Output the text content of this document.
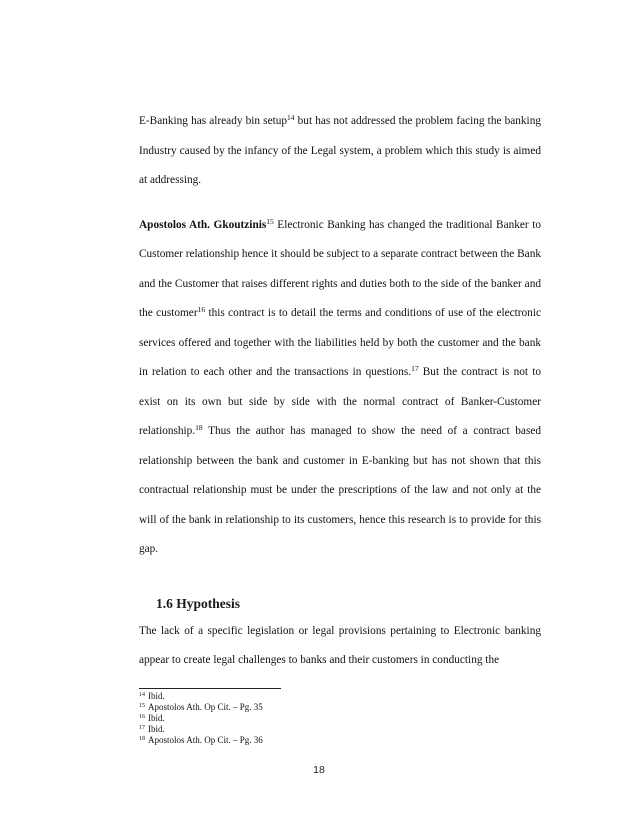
E-Banking has already bin setup$^{14}$ but has not addressed the problem facing the banking Industry caused by the infancy of the Legal system, a problem which this study is aimed at addressing.

Apostolos Ath. Gkoutzinis$^{15}$ Electronic Banking has changed the traditional Banker to Customer relationship hence it should be subject to a separate contract between the Bank and the Customer that raises different rights and duties both to the side of the banker and the customer$^{16}$ this contract is to detail the terms and conditions of use of the electronic services offered and together with the liabilities held by both the customer and the bank in relation to each other and the transactions in questions.$^{17}$ But the contract is not to exist on its own but side by side with the normal contract of Banker-Customer relationship.$^{18}$ Thus the author has managed to show the need of a contract based relationship between the bank and customer in E-banking but has not shown that this contractual relationship must be under the prescriptions of the law and not only at the will of the bank in relationship to its customers, hence this research is to provide for this gap.

1.6 Hypothesis

The lack of a specific legislation or legal provisions pertaining to Electronic banking appear to create legal challenges to banks and their customers in conducting the

14 Ibid.
15 Apostolos Ath. Op Cit. – Pg. 35
16 Ibid.
17 Ibid.
18 Apostolos Ath. Op Cit. – Pg. 36
18
